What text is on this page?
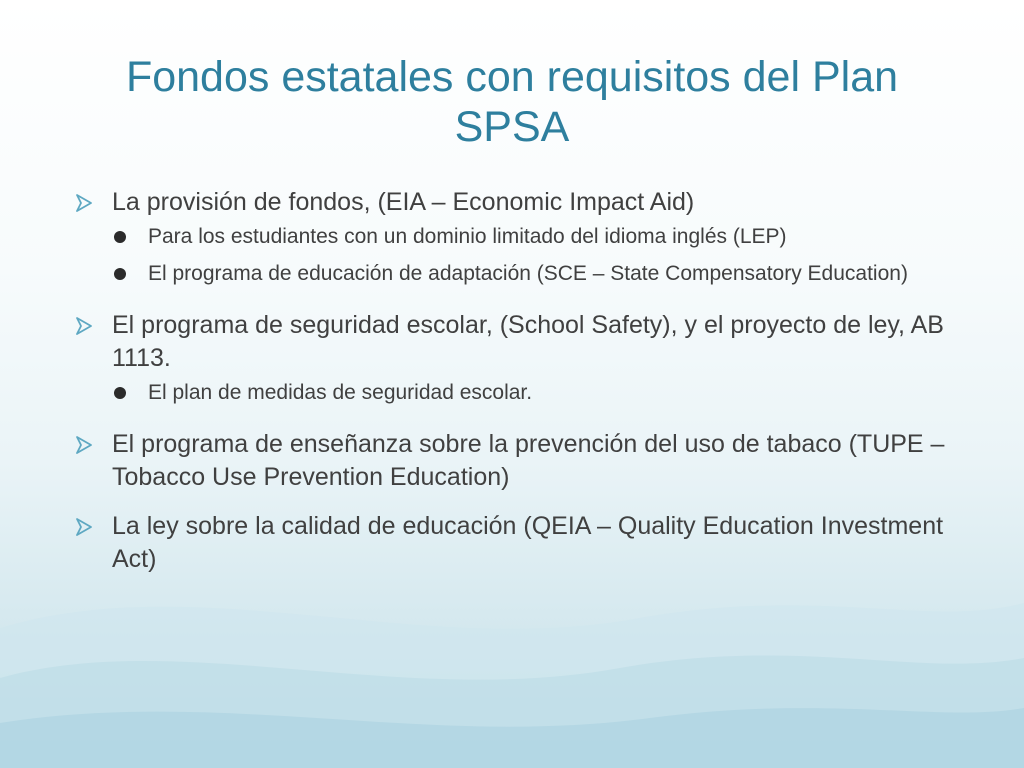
Fondos estatales con requisitos del Plan SPSA
La provisión de fondos, (EIA – Economic Impact Aid)
Para los estudiantes con un dominio limitado del idioma inglés (LEP)
El programa de educación de adaptación (SCE – State Compensatory Education)
El programa de seguridad escolar, (School Safety), y el proyecto de ley, AB 1113.
El plan de medidas de seguridad escolar.
El programa de enseñanza sobre la prevención del uso de tabaco (TUPE – Tobacco Use Prevention Education)
La ley sobre la calidad de educación (QEIA – Quality Education Investment Act)
